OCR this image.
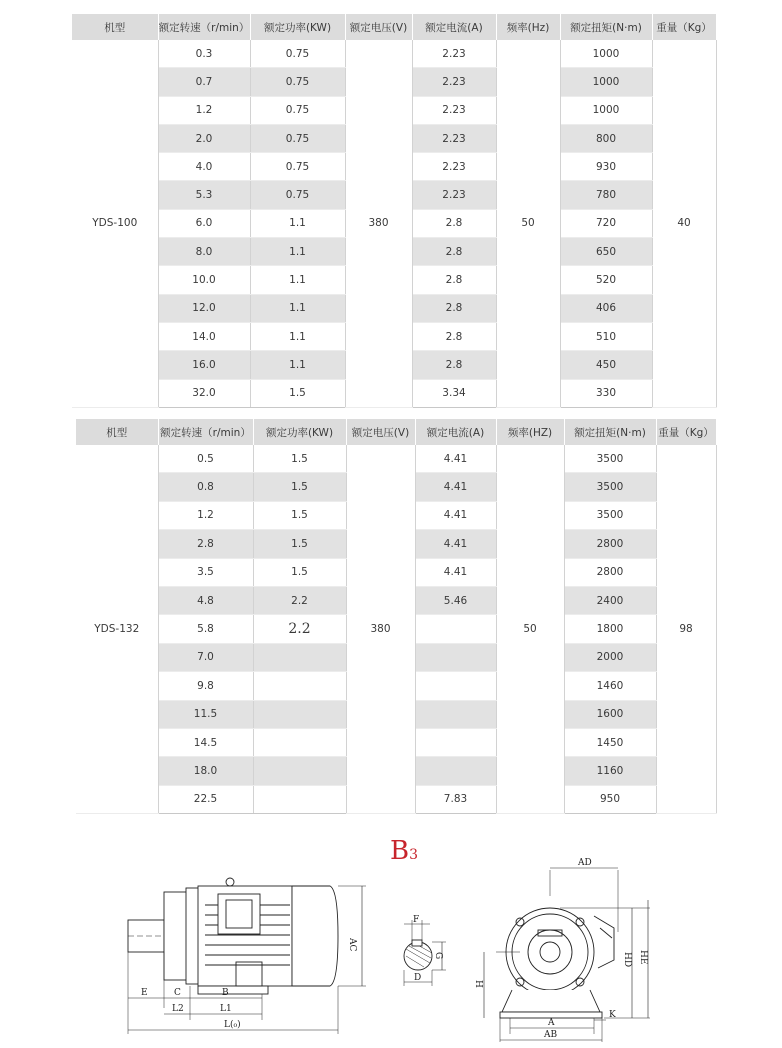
机型	额定转速（r/min）	额定功率(KW)	额定电压(V)	额定电流(A)	频率(Hz)	额定扭矩(N·m)	重量（Kg）
YDS-100	0.3	0.75	380	2.23	50	1000	40
	0.7	0.75		2.23		1000	
	1.2	0.75		2.23		1000	
	2.0	0.75		2.23		800	
	4.0	0.75		2.23		930	
	5.3	0.75		2.23		780	
	6.0	1.1		2.8		720	
	8.0	1.1		2.8		650	
	10.0	1.1		2.8		520	
	12.0	1.1		2.8		406	
	14.0	1.1		2.8		510	
	16.0	1.1		2.8		450	
	32.0	1.5		3.34		330	
机型	额定转速（r/min）	额定功率(KW)	额定电压(V)	额定电流(A)	频率(HZ)	额定扭矩(N·m)	重量（Kg）
YDS-132	0.5	1.5	380	4.41	50	3500	98
	0.8	1.5		4.41		3500	
	1.2	1.5		4.41		3500	
	2.8	1.5		4.41		2800	
	3.5	1.5		4.41		2800	
	4.8	2.2		5.46		2400	
	5.8	2.2				1800	
	7.0					2000	
	9.8					1460	
	11.5					1600	
	14.5					1450	
	18.0					1160	
	22.5			7.83		950	
B3
AC
E	C	B
L2	L1
L(₀)
F
G
D
AD
HD HE
H
A
AB
K
